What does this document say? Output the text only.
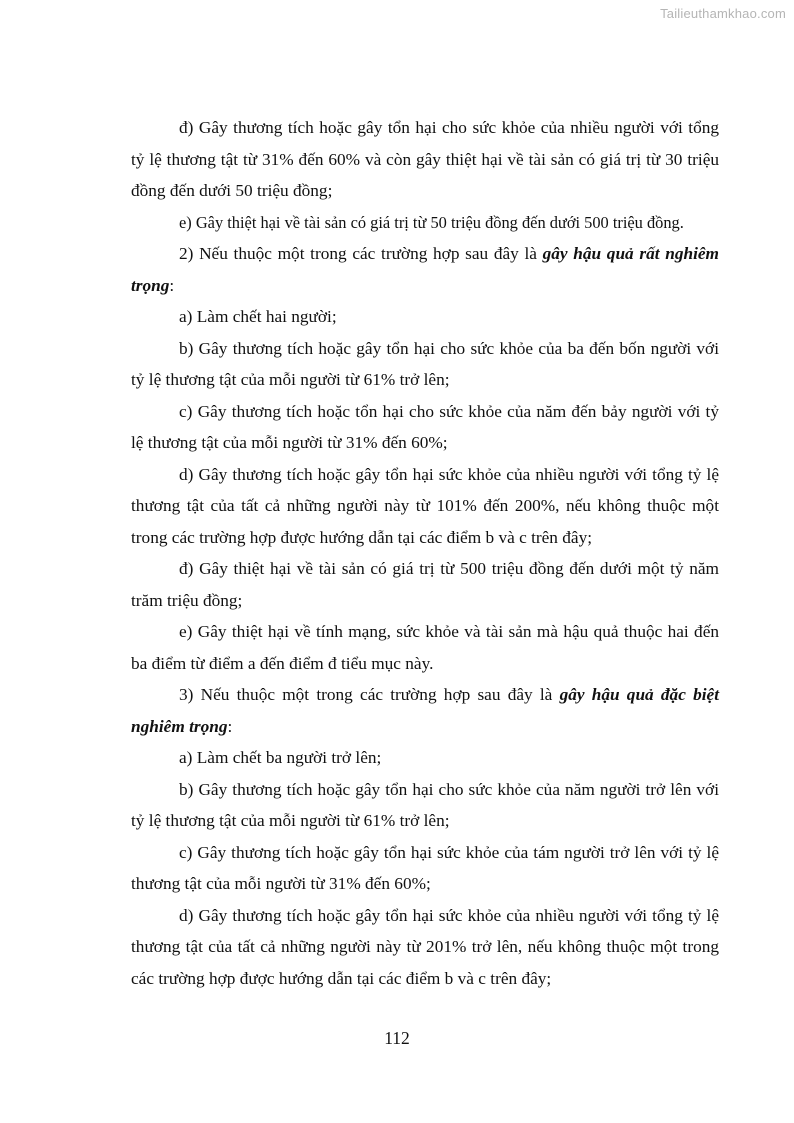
Tailieuthamkhao.com

đ) Gây thương tích hoặc gây tổn hại cho sức khỏe của nhiều người với tổng tỷ lệ thương tật từ 31% đến 60% và còn gây thiệt hại về tài sản có giá trị từ 30 triệu đồng đến dưới 50 triệu đồng;

e) Gây thiệt hại về tài sản có giá trị từ 50 triệu đồng đến dưới 500 triệu đồng.

2) Nếu thuộc một trong các trường hợp sau đây là gây hậu quả rất nghiêm trọng:

a) Làm chết hai người;

b) Gây thương tích hoặc gây tổn hại cho sức khỏe của ba đến bốn người với tỷ lệ thương tật của mỗi người từ 61% trở lên;

c) Gây thương tích hoặc tổn hại cho sức khỏe của năm đến bảy người với tỷ lệ thương tật của mỗi người từ 31% đến 60%;

d) Gây thương tích hoặc gây tổn hại sức khỏe của nhiều người với tổng tỷ lệ thương tật của tất cả những người này từ 101% đến 200%, nếu không thuộc một trong các trường hợp được hướng dẫn tại các điểm b và c trên đây;

đ) Gây thiệt hại về tài sản có giá trị từ 500 triệu đồng đến dưới một tỷ năm trăm triệu đồng;

e) Gây thiệt hại về tính mạng, sức khỏe và tài sản mà hậu quả thuộc hai đến ba điểm từ điểm a đến điểm đ tiểu mục này.

3) Nếu thuộc một trong các trường hợp sau đây là gây hậu quả đặc biệt nghiêm trọng:

a) Làm chết ba người trở lên;

b) Gây thương tích hoặc gây tổn hại cho sức khỏe của năm người trở lên với tỷ lệ thương tật của mỗi người từ 61% trở lên;

c) Gây thương tích hoặc gây tổn hại sức khỏe của tám người trở lên với tỷ lệ thương tật của mỗi người từ 31% đến 60%;

d) Gây thương tích hoặc gây tổn hại sức khỏe của nhiều người với tổng tỷ lệ thương tật của tất cả những người này từ 201% trở lên, nếu không thuộc một trong các trường hợp được hướng dẫn tại các điểm b và c trên đây;

112
